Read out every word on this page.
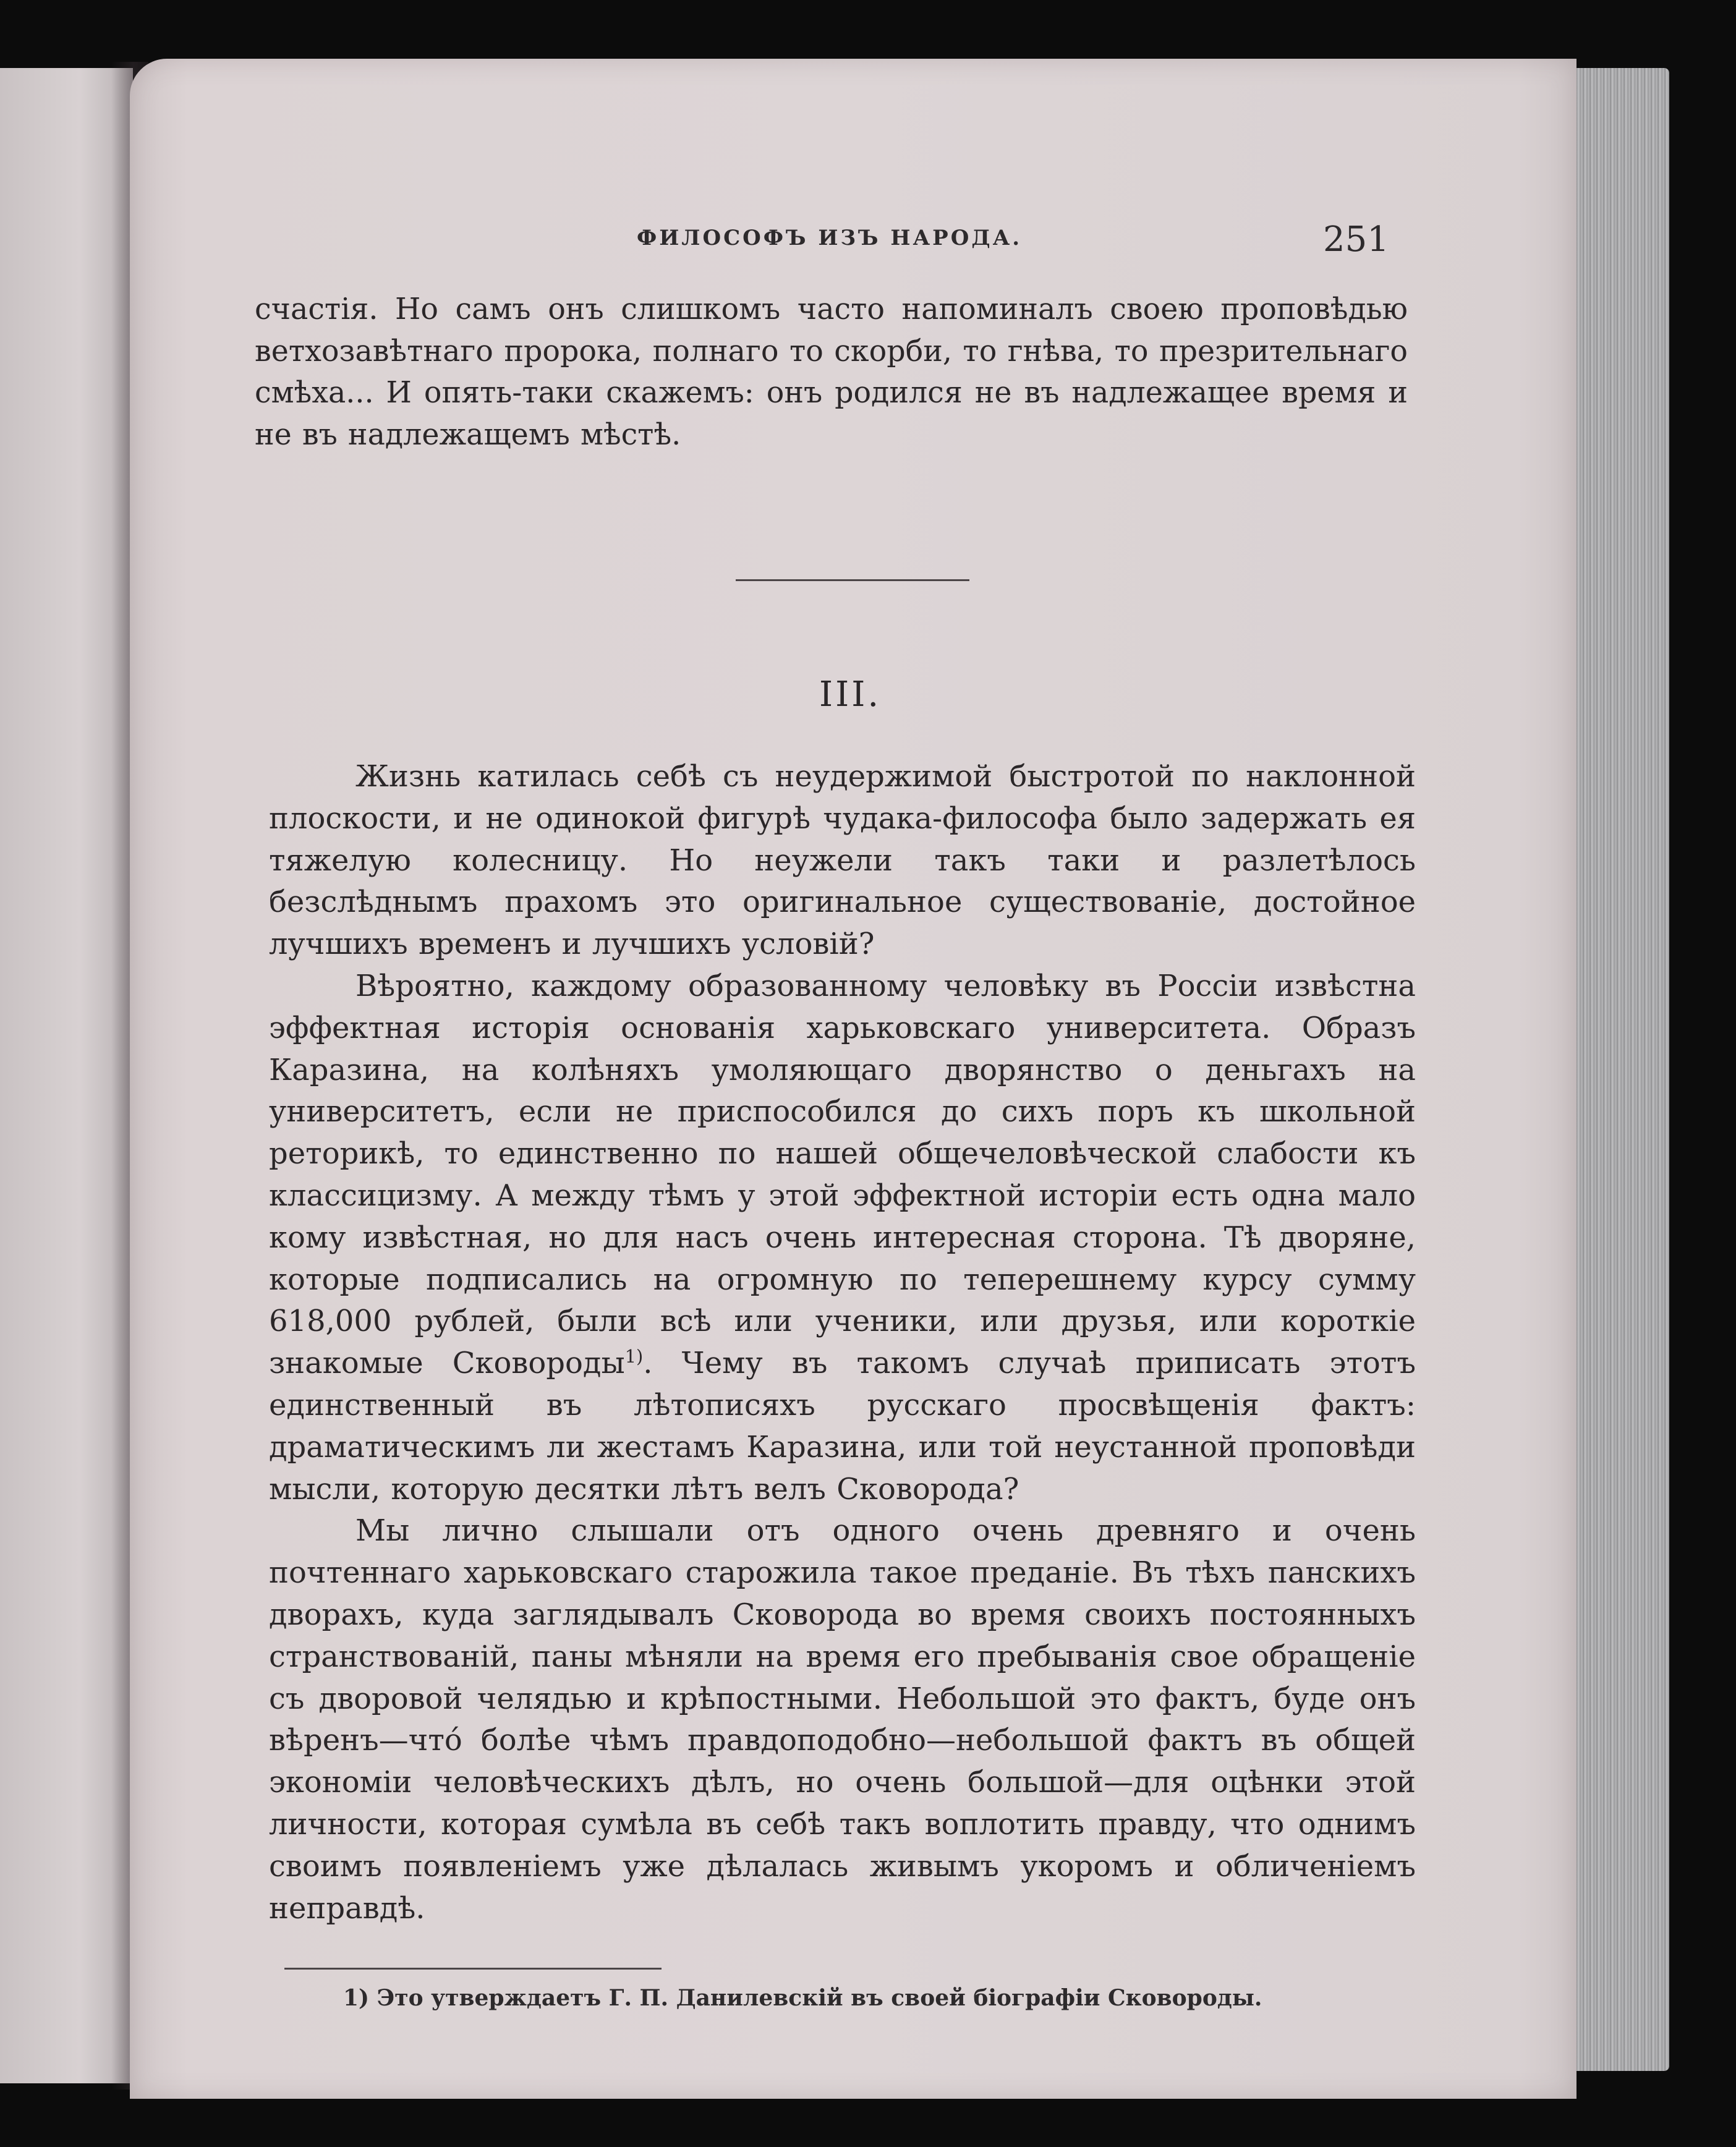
ФИЛОСОФЪ ИЗЪ НАРОДА.	251

счастія. Но самъ онъ слишкомъ часто напоминалъ своею проповѣдью ветхозавѣтнаго пророка, полнаго то скорби, то гнѣва, то презрительнаго смѣха... И опять-таки скажемъ: онъ родился не въ надлежащее время и не въ надлежащемъ мѣстѣ.

III.

Жизнь катилась себѣ съ неудержимой быстротой по наклонной плоскости, и не одинокой фигурѣ чудака-философа было задержать ея тяжелую колесницу. Но неужели такъ таки и разлетѣлось безслѣднымъ прахомъ это оригинальное существованіе, достойное лучшихъ временъ и лучшихъ условій?

Вѣроятно, каждому образованному человѣку въ Россіи извѣстна эффектная исторія основанія харьковскаго университета. Образъ Каразина, на колѣняхъ умоляющаго дворянство о деньгахъ на университетъ, если не приспособился до сихъ поръ къ школьной реторикѣ, то единственно по нашей общечеловѣческой слабости къ классицизму. А между тѣмъ у этой эффектной исторіи есть одна мало кому извѣстная, но для насъ очень интересная сторона. Тѣ дворяне, которые подписались на огромную по теперешнему курсу сумму 618,000 рублей, были всѣ или ученики, или друзья, или короткіе знакомые Сковороды$^{1)}$. Чему въ такомъ случаѣ приписать этотъ единственный въ лѣтописяхъ русскаго просвѣщенія фактъ: драматическимъ ли жестамъ Каразина, или той неустанной проповѣди мысли, которую десятки лѣтъ велъ Сковорода?

Мы лично слышали отъ одного очень древняго и очень почтеннаго харьковскаго старожила такое преданіе. Въ тѣхъ панскихъ дворахъ, куда заглядывалъ Сковорода во время своихъ постоянныхъ странствованій, паны мѣняли на время его пребыванія свое обращеніе съ дворовой челядью и крѣпостными. Небольшой это фактъ, буде онъ вѣренъ—что́ болѣе чѣмъ правдоподобно—небольшой фактъ въ общей экономіи человѣческихъ дѣлъ, но очень большой—для оцѣнки этой личности, которая сумѣла въ себѣ такъ воплотить правду, что однимъ своимъ появленіемъ уже дѣлалась живымъ укоромъ и обличеніемъ неправдѣ.

1) Это утверждаетъ Г. П. Данилевскій въ своей біографіи Сковороды.
